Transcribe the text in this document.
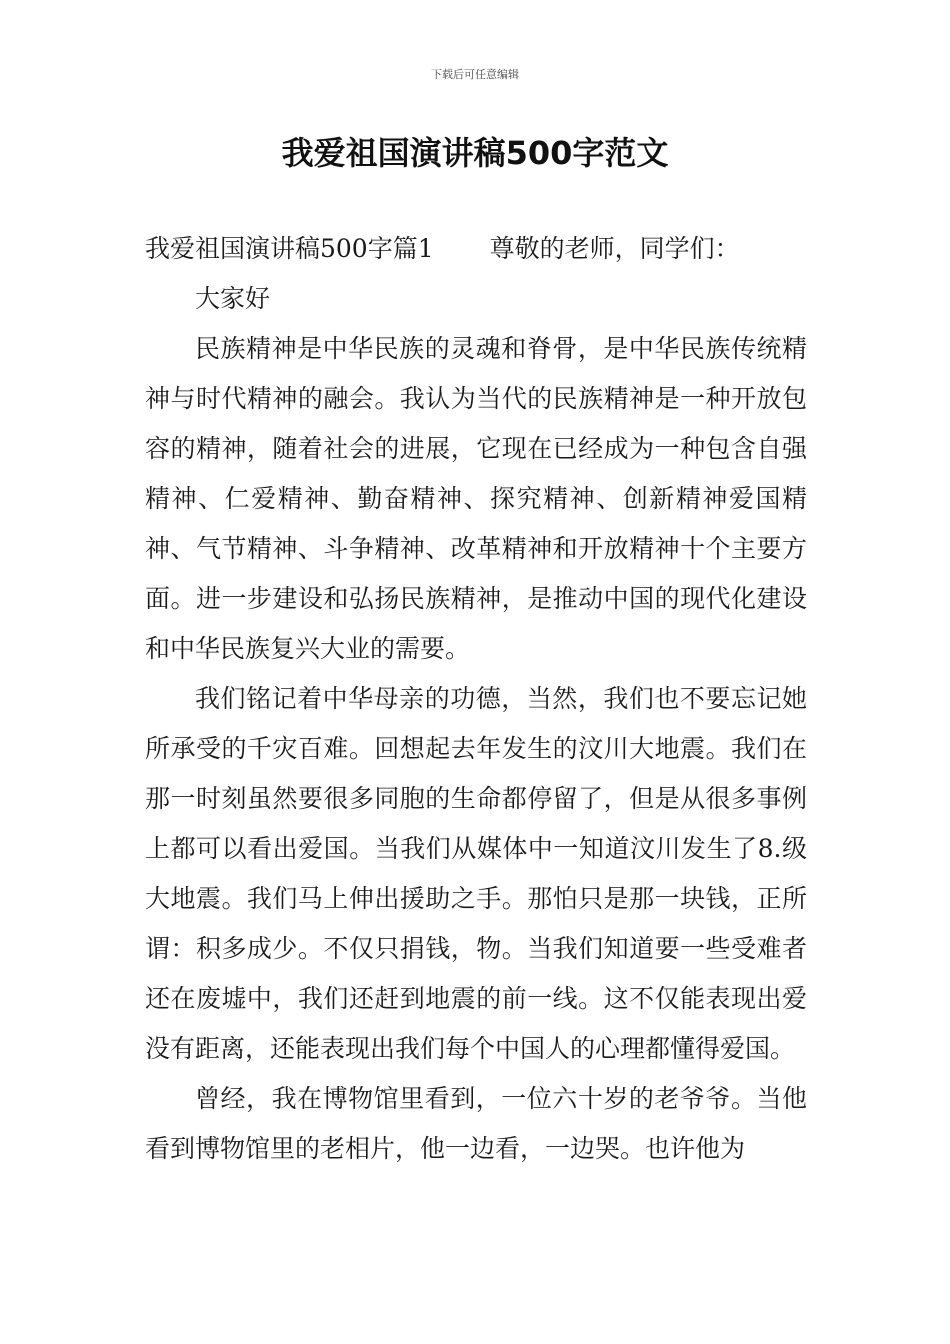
下载后可任意编辑
我爱祖国演讲稿500字范文

我爱祖国演讲稿500字篇1 尊敬的老师，同学们：

大家好

民族精神是中华民族的灵魂和脊骨，是中华民族传统精神与时代精神的融会。我认为当代的民族精神是一种开放包容的精神，随着社会的进展，它现在已经成为一种包含自强精神、仁爱精神、勤奋精神、探究精神、创新精神爱国精神、气节精神、斗争精神、改革精神和开放精神十个主要方面。进一步建设和弘扬民族精神，是推动中国的现代化建设和中华民族复兴大业的需要。

我们铭记着中华母亲的功德，当然，我们也不要忘记她所承受的千灾百难。回想起去年发生的汶川大地震。我们在那一时刻虽然要很多同胞的生命都停留了，但是从很多事例上都可以看出爱国。当我们从媒体中一知道汶川发生了8.级大地震。我们马上伸出援助之手。那怕只是那一块钱，正所谓：积多成少。不仅只捐钱，物。当我们知道要一些受难者还在废墟中，我们还赶到地震的前一线。这不仅能表现出爱没有距离，还能表现出我们每个中国人的心理都懂得爱国。

曾经，我在博物馆里看到，一位六十岁的老爷爷。当他看到博物馆里的老相片，他一边看，一边哭。也许他为
